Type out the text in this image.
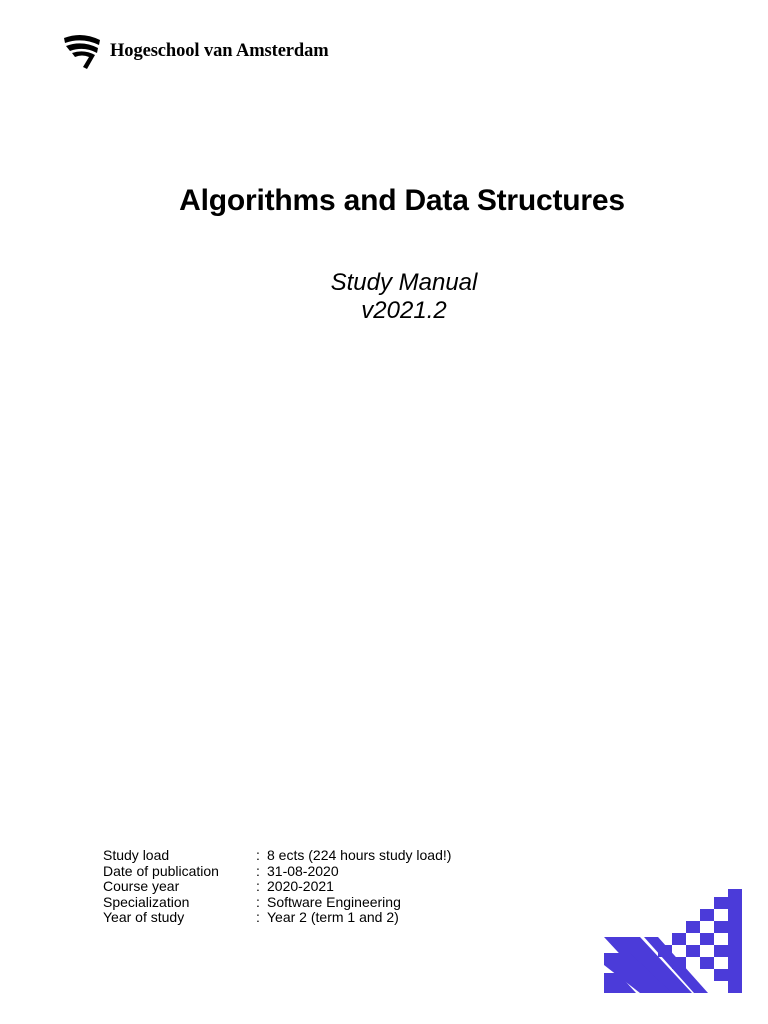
Hogeschool van Amsterdam
Algorithms and Data Structures
Study Manual
v2021.2
Study load	:	8 ects (224 hours study load!)
Date of publication	:	31-08-2020
Course year	:	2020-2021
Specialization	:	Software Engineering
Year of study	:	Year 2 (term 1 and 2)
